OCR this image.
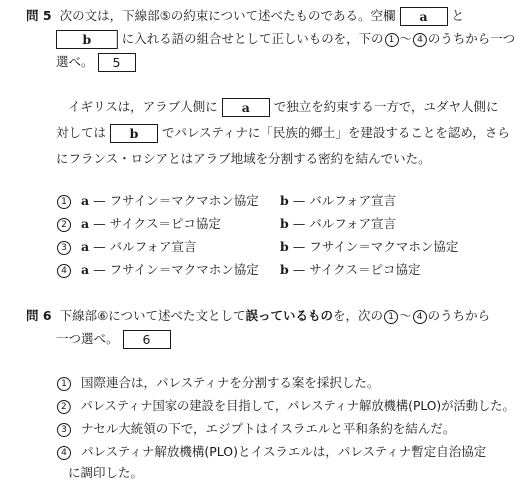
問 5 次の文は，下線部⑤の約束について述べたものである。空欄 a と
b に入れる語の組合せとして正しいものを，下の 1 ～ 4 のうちから一つ
選べ。 5
イギリスは，アラブ人側に a で独立を約束する一方で，ユダヤ人側に
対しては b でパレスティナに「民族的郷土」を建設することを認め，さら
にフランス・ロシアとはアラブ地域を分割する密約を結んでいた。
1 a — フサイン＝マクマホン協定 b — バルフォア宣言
2 a — サイクス＝ピコ協定	b — バルフォア宣言
3 a — バルフォア宣言	b — フサイン＝マクマホン協定
4 a — フサイン＝マクマホン協定 b — サイクス＝ピコ協定
問 6 下線部⑥について述べた文として誤っているものを，次の 1 ～ 4 のうちから
一つ選べ。 6
1 国際連合は，パレスティナを分割する案を採択した。
2 パレスティナ国家の建設を目指して，パレスティナ解放機構(PLO)が活動した。
3 ナセル大統領の下で，エジプトはイスラエルと平和条約を結んだ。
4 パレスティナ解放機構(PLO)とイスラエルは，パレスティナ暫定自治協定
に調印した。
